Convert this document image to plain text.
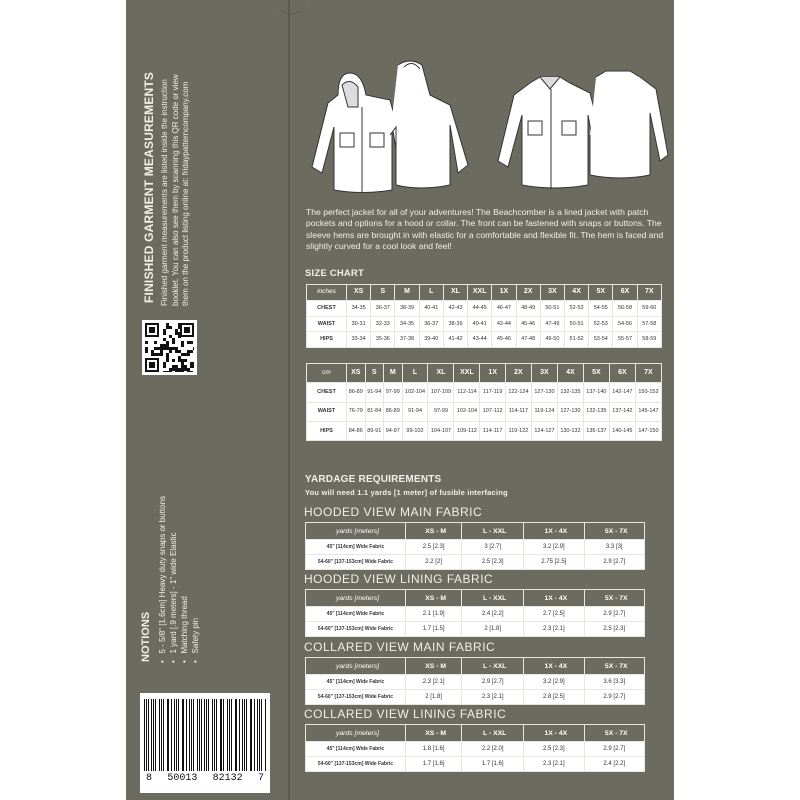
FINISHED GARMENT MEASUREMENTS Finished garment measurements are listed inside the instruction booklet. You can also see them by scanning this QR code or view them on the product listing online at: fridaypatterncompany.com
NOTIONS •   5 - 5/8" [1.6cm] Heavy duty snaps or buttons
•   1 yard [.9 meters] - 1" wide Elastic
•   Matching thread
•   Safety pin
8 50013 82132 7
The perfect jacket for all of your adventures! The Beachcomber is a lined jacket with patch pockets and options for a hood or collar. The front can be fastened with snaps or buttons. The sleeve hems are brought in with elastic for a comfortable and flexible fit. The hem is faced and slightly curved for a cool look and feel!
SIZE CHART
inches	XS	S	M	L	XL	XXL	1X	2X	3X	4X	5X	6X	7X
CHEST	34-35	36-37	38-39	40-41	42-43	44-45	46-47	48-49	50-51	52-53	54-55	56-58	59-60
WAIST	30-31	32-33	34-35	36-37	38-39	40-41	42-44	45-46	47-49	50-51	52-53	54-56	57-58
HIPS	33-34	35-36	37-38	39-40	41-42	43-44	45-46	47-48	49-50	51-52	53-54	55-57	58-59
cm	XS	S	M	L	XL	XXL	1X	2X	3X	4X	5X	6X	7X
CHEST	86-89	91-94	97-99	102-104	107-109	112-114	117-119	122-124	127-130	132-135	137-140	142-147	150-152
WAIST	76-79	81-84	86-89	91-94	97-99	102-104	107-112	114-117	119-124	127-130	132-135	137-142	145-147
HIPS	84-86	89-91	94-97	99-102	104-107	109-112	114-117	119-122	124-127	130-132	135-137	140-145	147-150
YARDAGE REQUIREMENTS
You will need 1.1 yards [1 meter] of fusible interfacing
HOODED VIEW MAIN FABRIC
yards [meters]	XS - M	L - XXL	1X - 4X	5X - 7X
45" [114cm] Wide Fabric	2.5 [2.3]	3 [2.7]	3.2 [2.9]	3.3 [3]
54-60" [137-153cm] Wide Fabric	2.2 [2]	2.5 [2.3]	2.75 [2.5]	2.9 [2.7]
HOODED VIEW LINING FABRIC
yards [meters]	XS - M	L - XXL	1X - 4X	5X - 7X
45" [114cm] Wide Fabric	2.1 [1.9]	2.4 [2.2]	2.7 [2.5]	2.9 [2.7]
54-60" [137-153cm] Wide Fabric	1.7 [1.5]	2 [1.8]	2.3 [2.1]	2.5 [2.3]
COLLARED VIEW MAIN FABRIC
yards [meters]	XS - M	L - XXL	1X - 4X	5X - 7X
45" [114cm] Wide Fabric	2.3 [2.1]	2.9 [2.7]	3.2 [2.9]	3.6 [3.3]
54-60" [137-153cm] Wide Fabric	2 [1.8]	2.3 [2.1]	2.8 [2.5]	2.9 [2.7]
COLLARED VIEW LINING FABRIC
yards [meters]	XS - M	L - XXL	1X - 4X	5X - 7X
45" [114cm] Wide Fabric	1.8 [1.6]	2.2 [2.0]	2.5 [2.3]	2.9 [2.7]
54-60" [137-153cm] Wide Fabric	1.7 [1.6]	1.7 [1.6]	2.3 [2.1]	2.4 [2.2]
